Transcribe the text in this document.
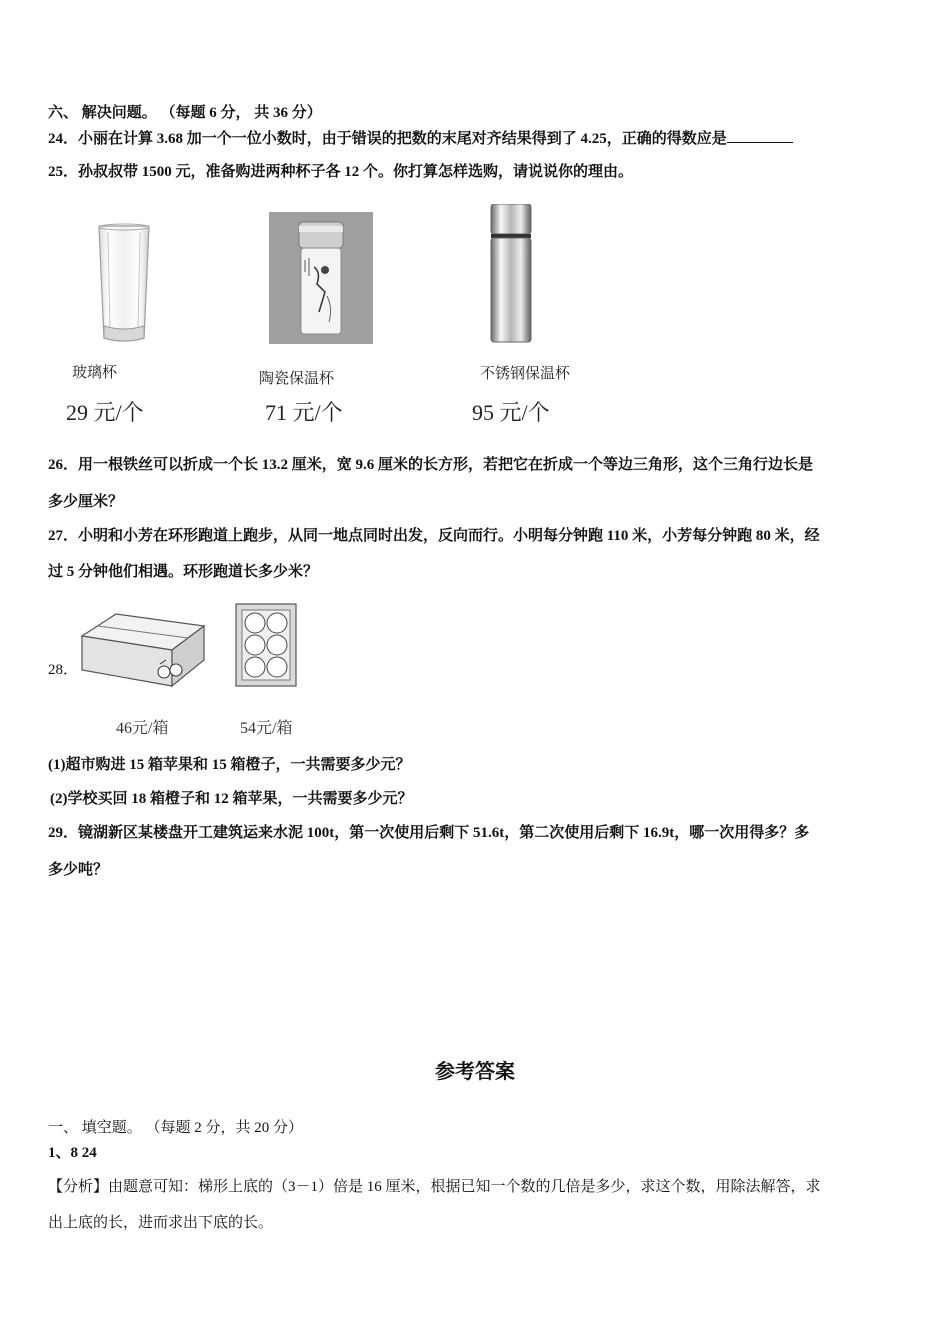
六、 解决问题。 （每题 6 分， 共 36 分）
24．小丽在计算 3.68 加一个一位小数时，由于错误的把数的末尾对齐结果得到了 4.25，正确的得数应是
25．孙叔叔带 1500 元，准备购进两种杯子各 12 个。你打算怎样选购，请说说你的理由。
玻璃杯	陶瓷保温杯	不锈钢保温杯
29 元/个	71 元/个	95 元/个
26．用一根铁丝可以折成一个长 13.2 厘米，宽 9.6 厘米的长方形，若把它在折成一个等边三角形，这个三角行边长是
多少厘米？
27．小明和小芳在环形跑道上跑步，从同一地点同时出发，反向而行。小明每分钟跑 110 米，小芳每分钟跑 80 米，经
过 5 分钟他们相遇。环形跑道长多少米？
28．
46元/箱	54元/箱
(1)超市购进 15 箱苹果和 15 箱橙子，一共需要多少元？
(2)学校买回 18 箱橙子和 12 箱苹果，一共需要多少元？
29．镜湖新区某楼盘开工建筑运来水泥 100t，第一次使用后剩下 51.6t，第二次使用后剩下 16.9t，哪一次用得多？多
多少吨？
参考答案
一、 填空题。 （每题 2 分，共 20 分）
1、8 24
【分析】由题意可知：梯形上底的（3－1）倍是 16 厘米，根据已知一个数的几倍是多少，求这个数，用除法解答，求
出上底的长，进而求出下底的长。
